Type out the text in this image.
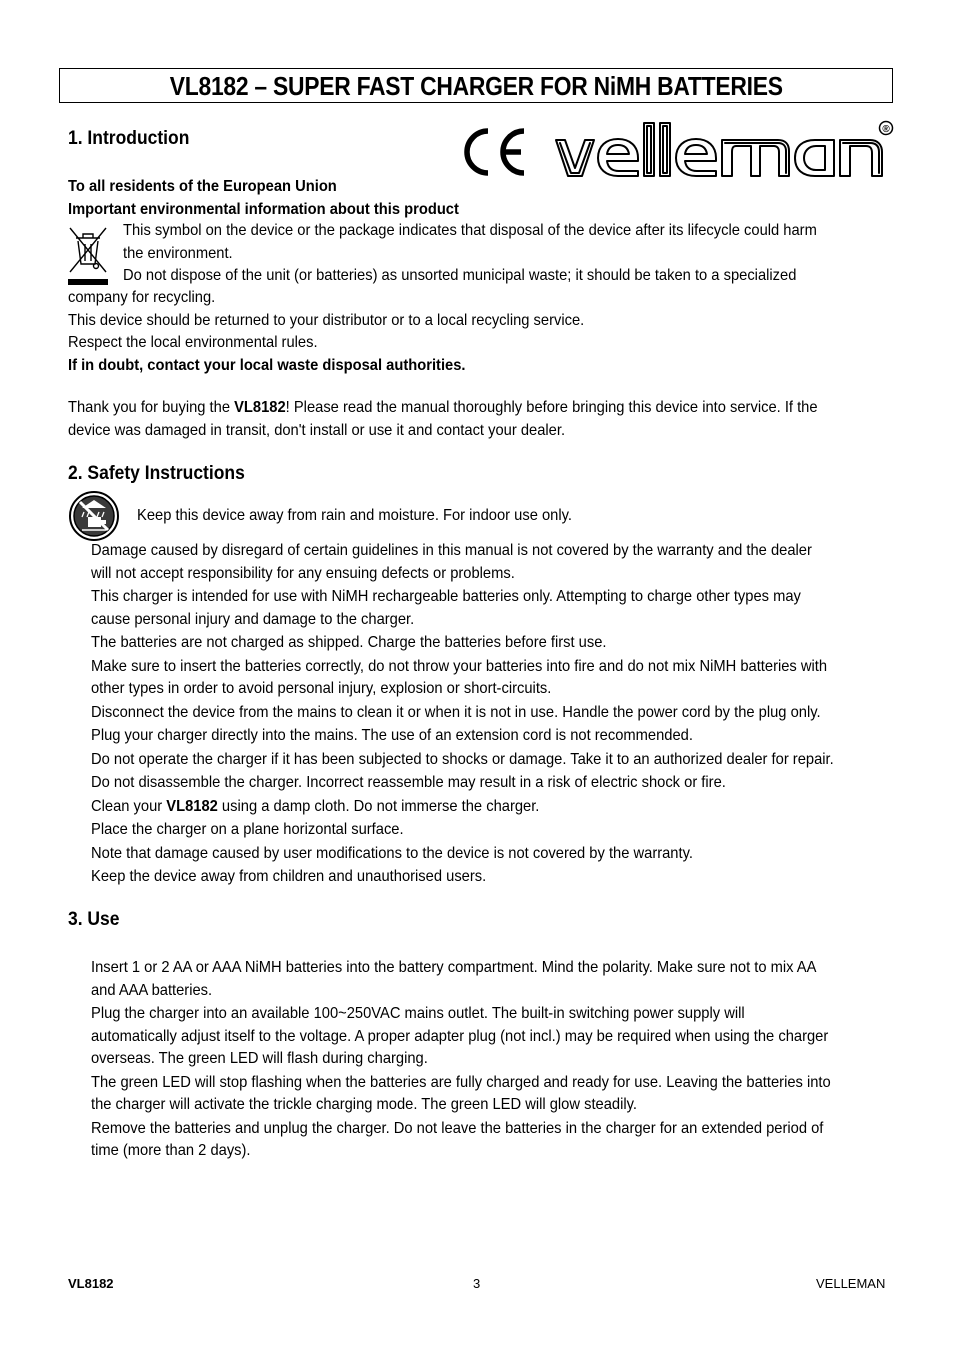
VL8182 – SUPER FAST CHARGER FOR NiMH BATTERIES
®
1. Introduction

To all residents of the European Union

Important environmental information about this product

This symbol on the device or the package indicates that disposal of the device after its lifecycle could harm

the environment.

Do not dispose of the unit (or batteries) as unsorted municipal waste; it should be taken to a specialized

company for recycling.

This device should be returned to your distributor or to a local recycling service.

Respect the local environmental rules.

If in doubt, contact your local waste disposal authorities.

Thank you for buying the VL8182! Please read the manual thoroughly before bringing this device into service. If the

device was damaged in transit, don't install or use it and contact your dealer.

2. Safety Instructions
Keep this device away from rain and moisture. For indoor use only.

Damage caused by disregard of certain guidelines in this manual is not covered by the warranty and the dealer

will not accept responsibility for any ensuing defects or problems.

This charger is intended for use with NiMH rechargeable batteries only. Attempting to charge other types may

cause personal injury and damage to the charger.

The batteries are not charged as shipped. Charge the batteries before first use.

Make sure to insert the batteries correctly, do not throw your batteries into fire and do not mix NiMH batteries with

other types in order to avoid personal injury, explosion or short-circuits.

Disconnect the device from the mains to clean it or when it is not in use. Handle the power cord by the plug only.

Plug your charger directly into the mains. The use of an extension cord is not recommended.

Do not operate the charger if it has been subjected to shocks or damage. Take it to an authorized dealer for repair.

Do not disassemble the charger. Incorrect reassemble may result in a risk of electric shock or fire.

Clean your VL8182 using a damp cloth. Do not immerse the charger.

Place the charger on a plane horizontal surface.

Note that damage caused by user modifications to the device is not covered by the warranty.

Keep the device away from children and unauthorised users.

3. Use

Insert 1 or 2 AA or AAA NiMH batteries into the battery compartment. Mind the polarity. Make sure not to mix AA

and AAA batteries.

Plug the charger into an available 100~250VAC mains outlet. The built-in switching power supply will

automatically adjust itself to the voltage. A proper adapter plug (not incl.) may be required when using the charger

overseas. The green LED will flash during charging.

The green LED will stop flashing when the batteries are fully charged and ready for use. Leaving the batteries into

the charger will activate the trickle charging mode. The green LED will glow steadily.

Remove the batteries and unplug the charger. Do not leave the batteries in the charger for an extended period of

time (more than 2 days).

VL8182	3	VELLEMAN
